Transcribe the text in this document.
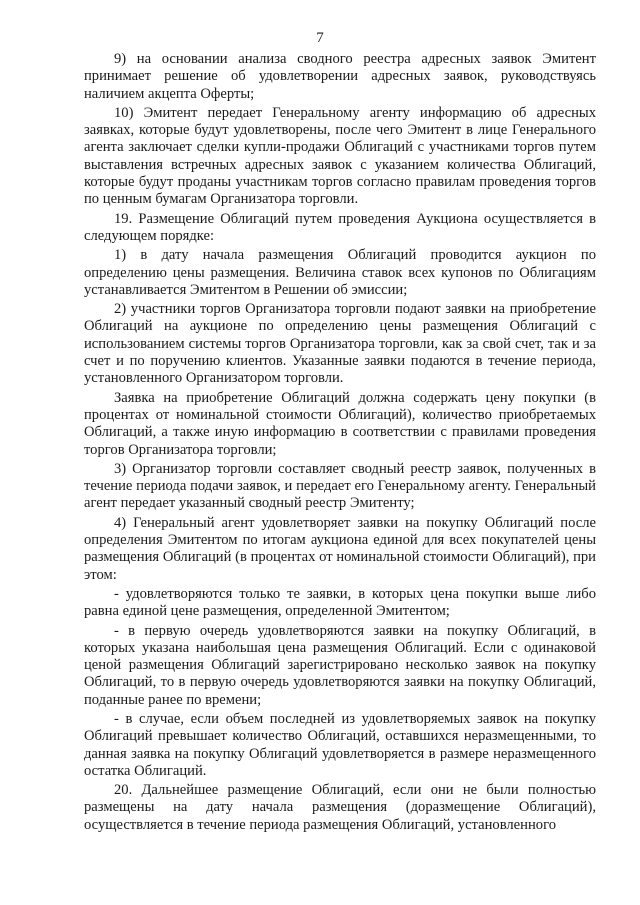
7

9) на основании анализа сводного реестра адресных заявок Эмитент принимает решение об удовлетворении адресных заявок, руководствуясь наличием акцепта Оферты;

10) Эмитент передает Генеральному агенту информацию об адресных заявках, которые будут удовлетворены, после чего Эмитент в лице Генерального агента заключает сделки купли-продажи Облигаций с участниками торгов путем выставления встречных адресных заявок с указанием количества Облигаций, которые будут проданы участникам торгов согласно правилам проведения торгов по ценным бумагам Организатора торговли.

19. Размещение Облигаций путем проведения Аукциона осуществляется в следующем порядке:

1) в дату начала размещения Облигаций проводится аукцион по определению цены размещения. Величина ставок всех купонов по Облигациям устанавливается Эмитентом в Решении об эмиссии;

2) участники торгов Организатора торговли подают заявки на приобретение Облигаций на аукционе по определению цены размещения Облигаций с использованием системы торгов Организатора торговли, как за свой счет, так и за счет и по поручению клиентов. Указанные заявки подаются в течение периода, установленного Организатором торговли.

Заявка на приобретение Облигаций должна содержать цену покупки (в процентах от номинальной стоимости Облигаций), количество приобретаемых Облигаций, а также иную информацию в соответствии с правилами проведения торгов Организатора торговли;

3) Организатор торговли составляет сводный реестр заявок, полученных в течение периода подачи заявок, и передает его Генеральному агенту. Генеральный агент передает указанный сводный реестр Эмитенту;

4) Генеральный агент удовлетворяет заявки на покупку Облигаций после определения Эмитентом по итогам аукциона единой для всех покупателей цены размещения Облигаций (в процентах от номинальной стоимости Облигаций), при этом:

- удовлетворяются только те заявки, в которых цена покупки выше либо равна единой цене размещения, определенной Эмитентом;

- в первую очередь удовлетворяются заявки на покупку Облигаций, в которых указана наибольшая цена размещения Облигаций. Если с одинаковой ценой размещения Облигаций зарегистрировано несколько заявок на покупку Облигаций, то в первую очередь удовлетворяются заявки на покупку Облигаций, поданные ранее по времени;

- в случае, если объем последней из удовлетворяемых заявок на покупку Облигаций превышает количество Облигаций, оставшихся неразмещенными, то данная заявка на покупку Облигаций удовлетворяется в размере неразмещенного остатка Облигаций.

20. Дальнейшее размещение Облигаций, если они не были полностью размещены на дату начала размещения (доразмещение Облигаций), осуществляется в течение периода размещения Облигаций, установленного
